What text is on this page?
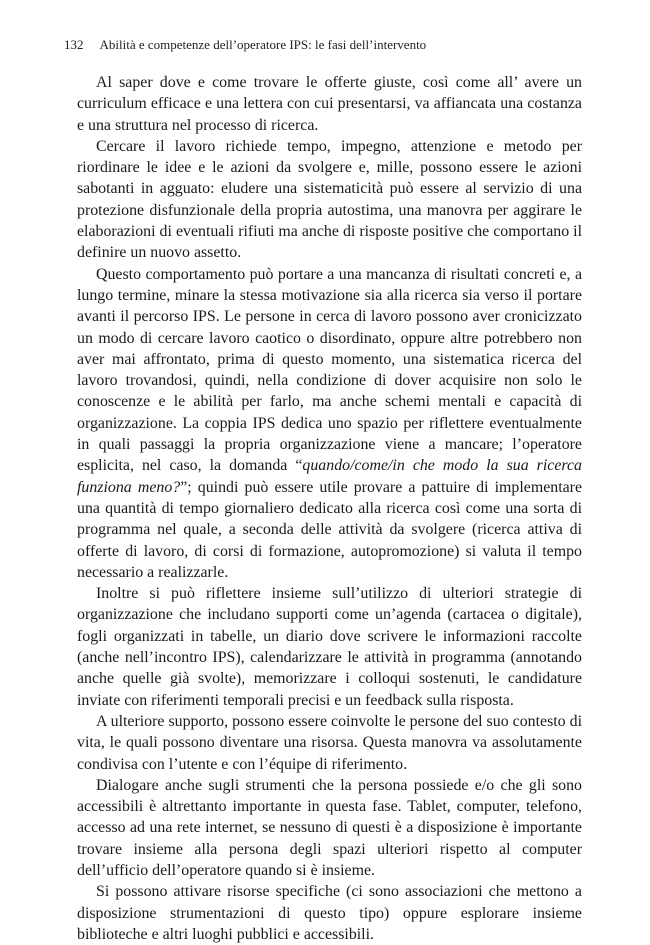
132 Abilità e competenze dell’operatore IPS: le fasi dell’intervento

Al saper dove e come trovare le offerte giuste, così come all’ avere un curriculum efficace e una lettera con cui presentarsi, va affiancata una costanza e una struttura nel processo di ricerca.

Cercare il lavoro richiede tempo, impegno, attenzione e metodo per riordinare le idee e le azioni da svolgere e, mille, possono essere le azioni sabotanti in agguato: eludere una sistematicità può essere al servizio di una protezione disfunzionale della propria autostima, una manovra per aggirare le elaborazioni di eventuali rifiuti ma anche di risposte positive che comportano il definire un nuovo assetto.

Questo comportamento può portare a una mancanza di risultati concreti e, a lungo termine, minare la stessa motivazione sia alla ricerca sia verso il portare avanti il percorso IPS. Le persone in cerca di lavoro possono aver cronicizzato un modo di cercare lavoro caotico o disordinato, oppure altre potrebbero non aver mai affrontato, prima di questo momento, una sistematica ricerca del lavoro trovandosi, quindi, nella condizione di dover acquisire non solo le conoscenze e le abilità per farlo, ma anche schemi mentali e capacità di organizzazione. La coppia IPS dedica uno spazio per riflettere eventualmente in quali passaggi la propria organizzazione viene a mancare; l’operatore esplicita, nel caso, la domanda “quando/come/in che modo la sua ricerca funziona meno?”; quindi può essere utile provare a pattuire di implementare una quantità di tempo giornaliero dedicato alla ricerca così come una sorta di programma nel quale, a seconda delle attività da svolgere (ricerca attiva di offerte di lavoro, di corsi di formazione, autopromozione) si valuta il tempo necessario a realizzarle.

Inoltre si può riflettere insieme sull’utilizzo di ulteriori strategie di organizzazione che includano supporti come un’agenda (cartacea o digitale), fogli organizzati in tabelle, un diario dove scrivere le informazioni raccolte (anche nell’incontro IPS), calendarizzare le attività in programma (annotando anche quelle già svolte), memorizzare i colloqui sostenuti, le candidature inviate con riferimenti temporali precisi e un feedback sulla risposta.

A ulteriore supporto, possono essere coinvolte le persone del suo contesto di vita, le quali possono diventare una risorsa. Questa manovra va assolutamente condivisa con l’utente e con l’équipe di riferimento.

Dialogare anche sugli strumenti che la persona possiede e/o che gli sono accessibili è altrettanto importante in questa fase. Tablet, computer, telefono, accesso ad una rete internet, se nessuno di questi è a disposizione è importante trovare insieme alla persona degli spazi ulteriori rispetto al computer dell’ufficio dell’operatore quando si è insieme.

Si possono attivare risorse specifiche (ci sono associazioni che mettono a disposizione strumentazioni di questo tipo) oppure esplorare insieme biblioteche e altri luoghi pubblici e accessibili.
